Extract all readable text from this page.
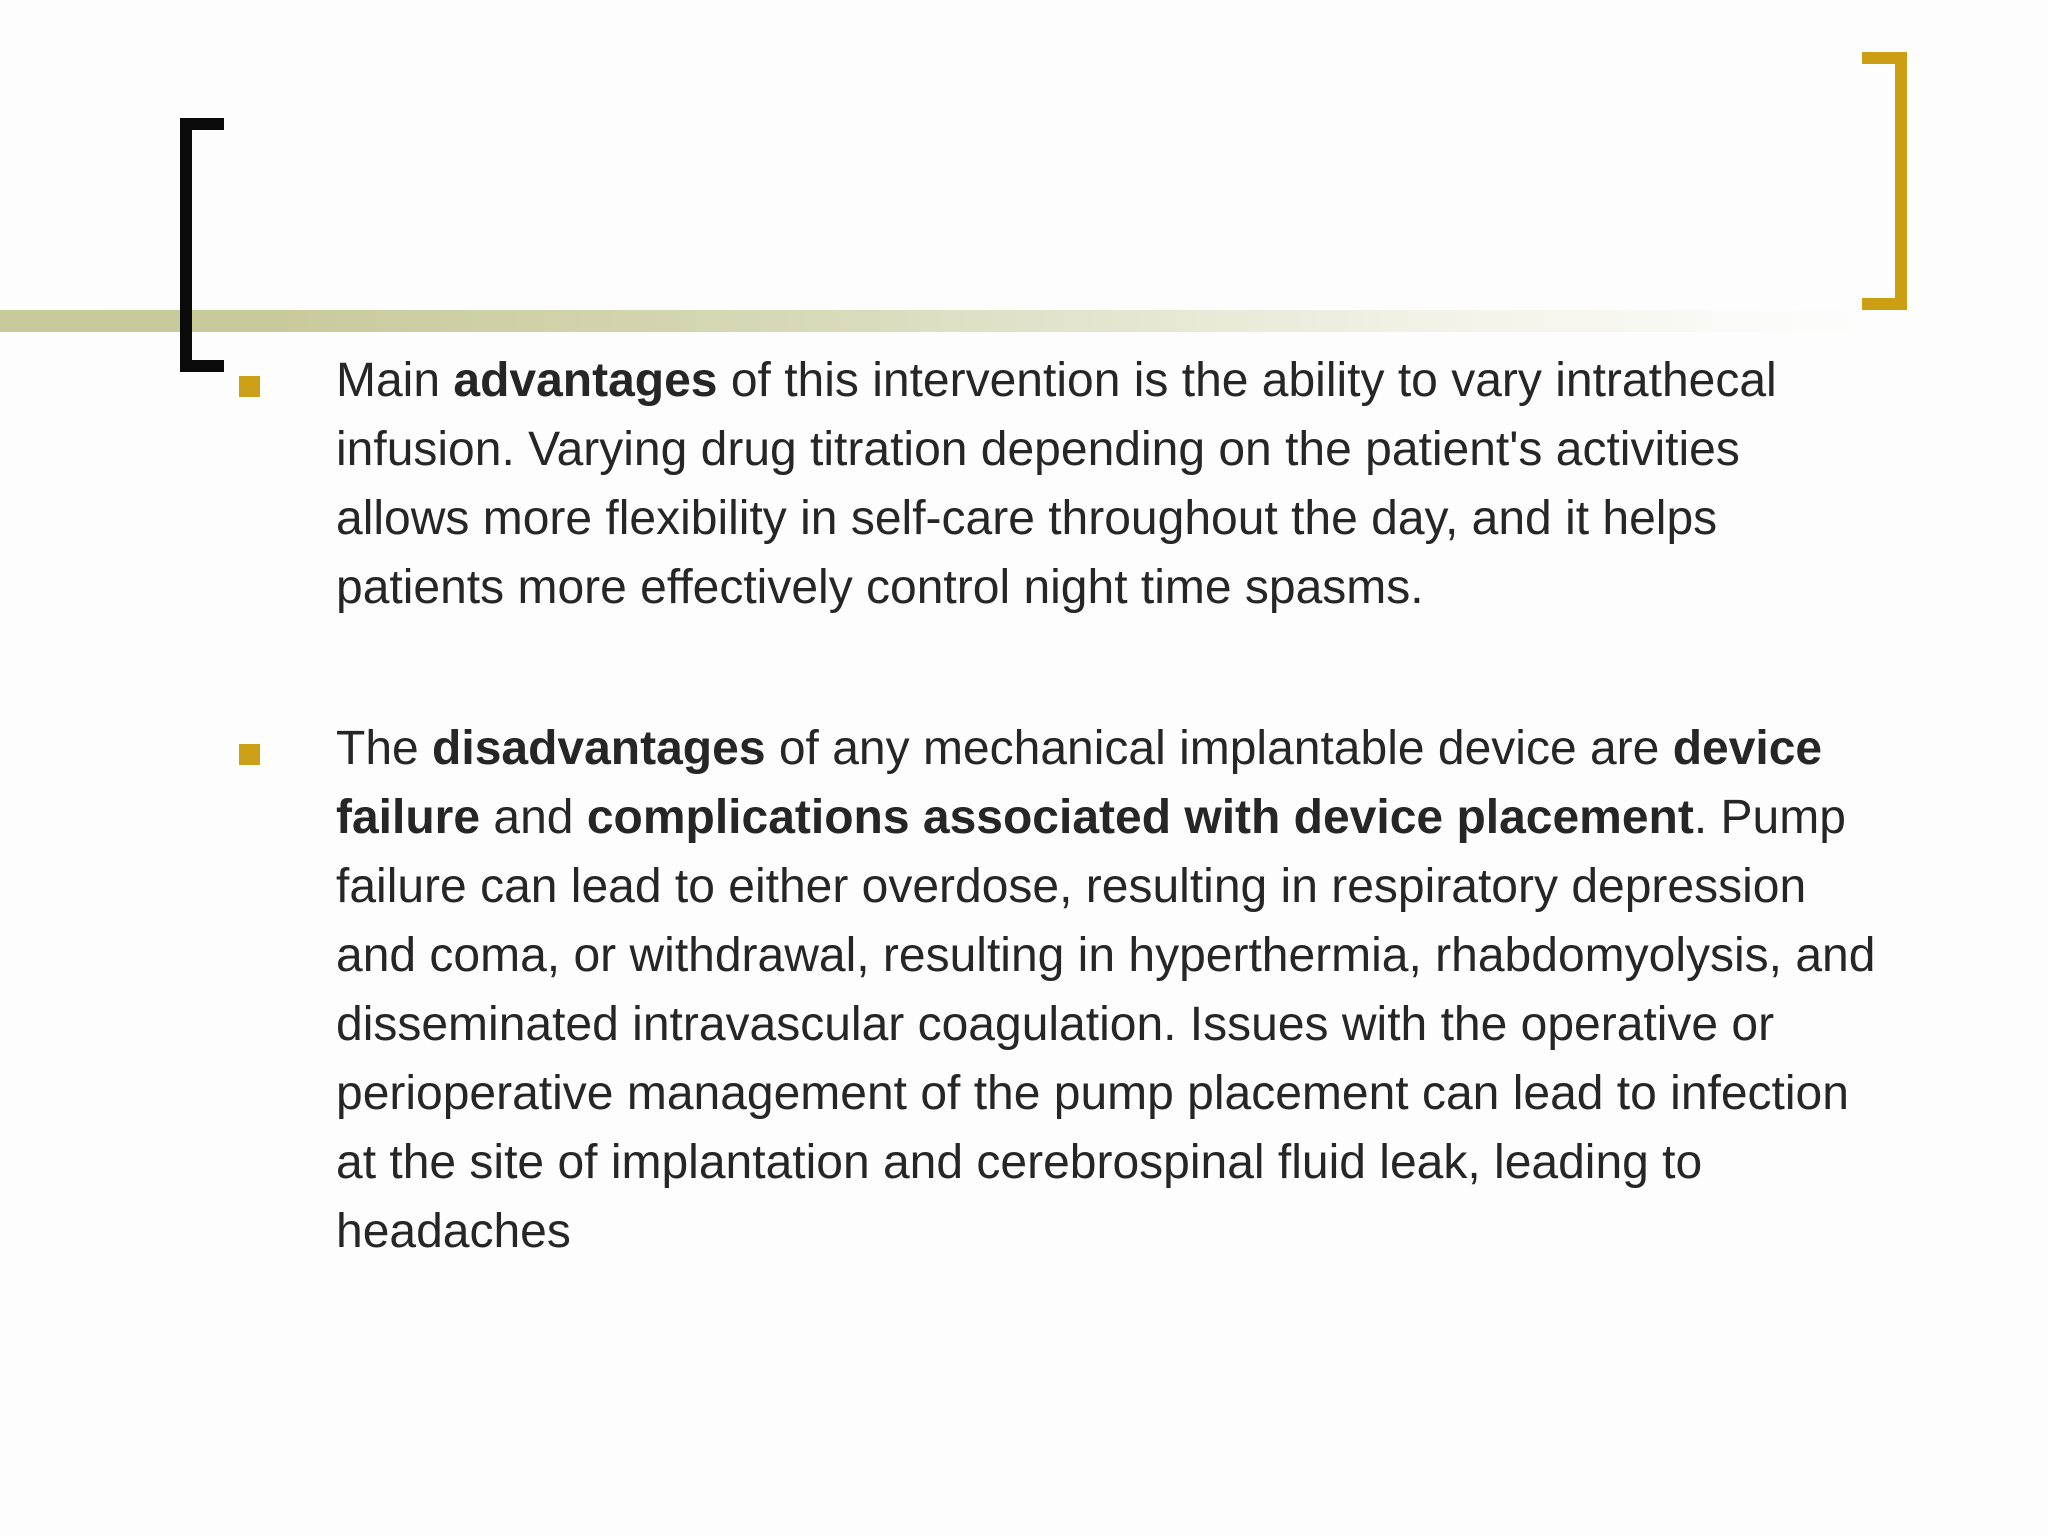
Main advantages of this intervention is the ability to vary intrathecal infusion. Varying drug titration depending on the patient's activities allows more flexibility in self-care throughout the day, and it helps patients more effectively control night time spasms.

The disadvantages of any mechanical implantable device are device failure and complications associated with device placement. Pump failure can lead to either overdose, resulting in respiratory depression and coma, or withdrawal, resulting in hyperthermia, rhabdomyolysis, and disseminated intravascular coagulation. Issues with the operative or perioperative management of the pump placement can lead to infection at the site of implantation and cerebrospinal fluid leak, leading to headaches
